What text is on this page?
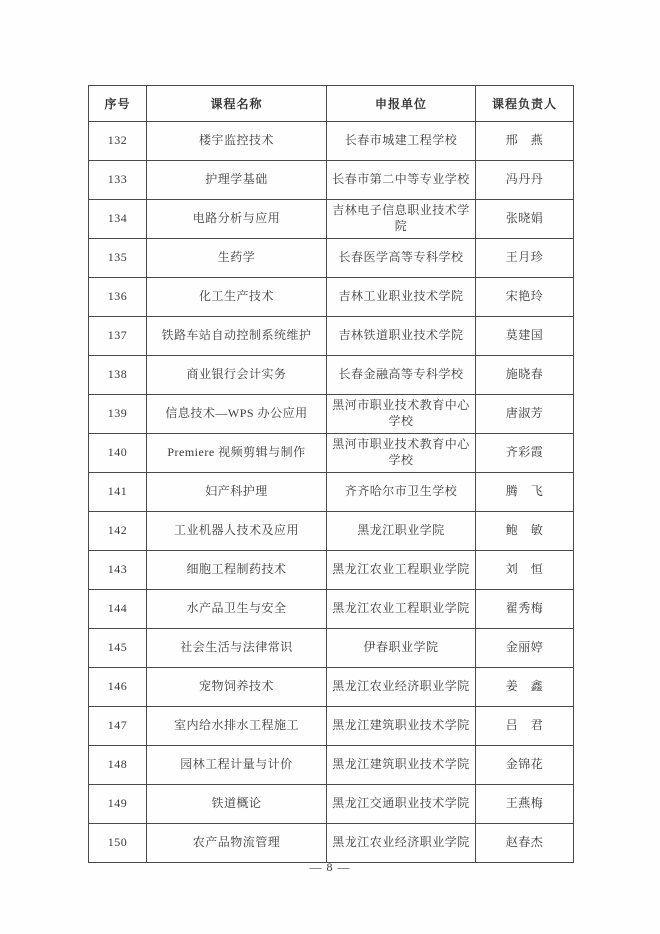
序号	课程名称	申报单位	课程负责人
132	楼宇监控技术	长春市城建工程学校	邢　燕
133	护理学基础	长春市第二中等专业学校	冯丹丹
134	电路分析与应用	吉林电子信息职业技术学院	张晓娟
135	生药学	长春医学高等专科学校	王月珍
136	化工生产技术	吉林工业职业技术学院	宋艳玲
137	铁路车站自动控制系统维护	吉林铁道职业技术学院	莫建国
138	商业银行会计实务	长春金融高等专科学校	施晓春
139	信息技术—WPS 办公应用	黑河市职业技术教育中心学校	唐淑芳
140	Premiere 视频剪辑与制作	黑河市职业技术教育中心学校	齐彩霞
141	妇产科护理	齐齐哈尔市卫生学校	腾　飞
142	工业机器人技术及应用	黑龙江职业学院	鲍　敏
143	细胞工程制药技术	黑龙江农业工程职业学院	刘　恒
144	水产品卫生与安全	黑龙江农业工程职业学院	翟秀梅
145	社会生活与法律常识	伊春职业学院	金丽婷
146	宠物饲养技术	黑龙江农业经济职业学院	姜　鑫
147	室内给水排水工程施工	黑龙江建筑职业技术学院	吕　君
148	园林工程计量与计价	黑龙江建筑职业技术学院	金锦花
149	铁道概论	黑龙江交通职业技术学院	王燕梅
150	农产品物流管理	黑龙江农业经济职业学院	赵春杰
— 8 —
